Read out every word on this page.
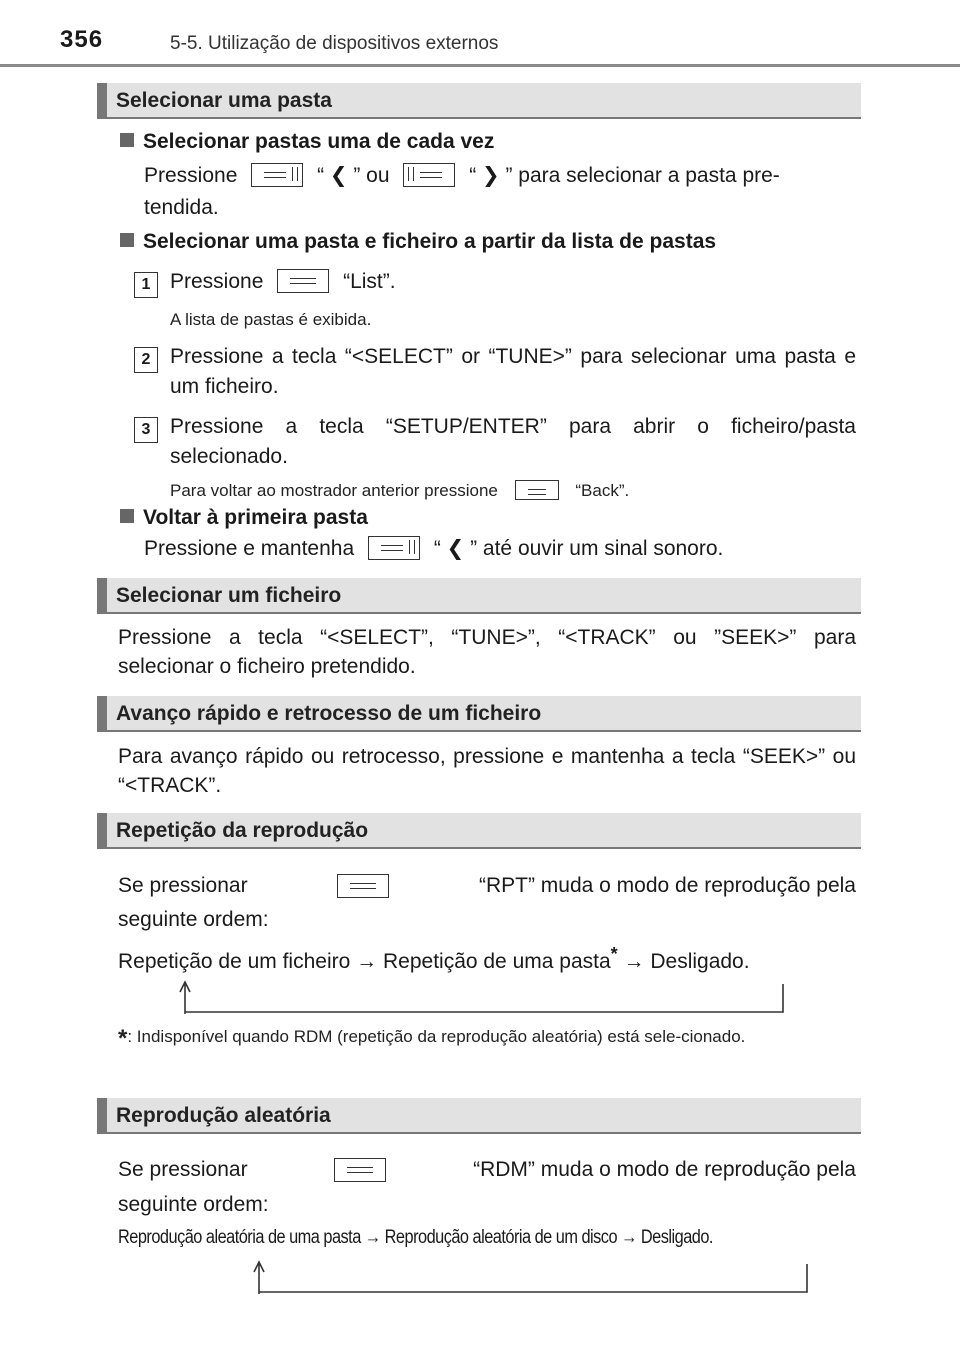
356	5-5. Utilização de dispositivos externos
Selecionar uma pasta
Selecionar pastas uma de cada vez
Pressione	“ ❮ ” ou	“ ❯ ” para selecionar a pasta pre-
tendida.
Selecionar uma pasta e ficheiro a partir da lista de pastas
1 Pressione	“List”.
A lista de pastas é exibida.
2 Pressione a tecla “<SELECT” or “TUNE>” para selecionar uma pasta e um ficheiro.
3 Pressione a tecla “SETUP/ENTER” para abrir o ficheiro/pasta selecionado.
Para voltar ao mostrador anterior pressione	“Back”.
Voltar à primeira pasta
Pressione e mantenha	“ ❮ ” até ouvir um sinal sonoro.
Selecionar um ficheiro
Pressione a tecla “<SELECT”, “TUNE>”, “<TRACK” ou ”SEEK>” para selecionar o ficheiro pretendido.
Avanço rápido e retrocesso de um ficheiro
Para avanço rápido ou retrocesso, pressione e mantenha a tecla “SEEK>” ou “<TRACK”.
Repetição da reprodução
Se pressionar	“RPT” muda o modo de reprodução pela
seguinte ordem:
Repetição de um ficheiro → Repetição de uma pasta* → Desligado.
*: Indisponível quando RDM (repetição da reprodução aleatória) está sele-cionado.
Reprodução aleatória
Se pressionar	“RDM” muda o modo de reprodução pela
seguinte ordem:
Reprodução aleatória de uma pasta → Reprodução aleatória de um disco → Desligado.
